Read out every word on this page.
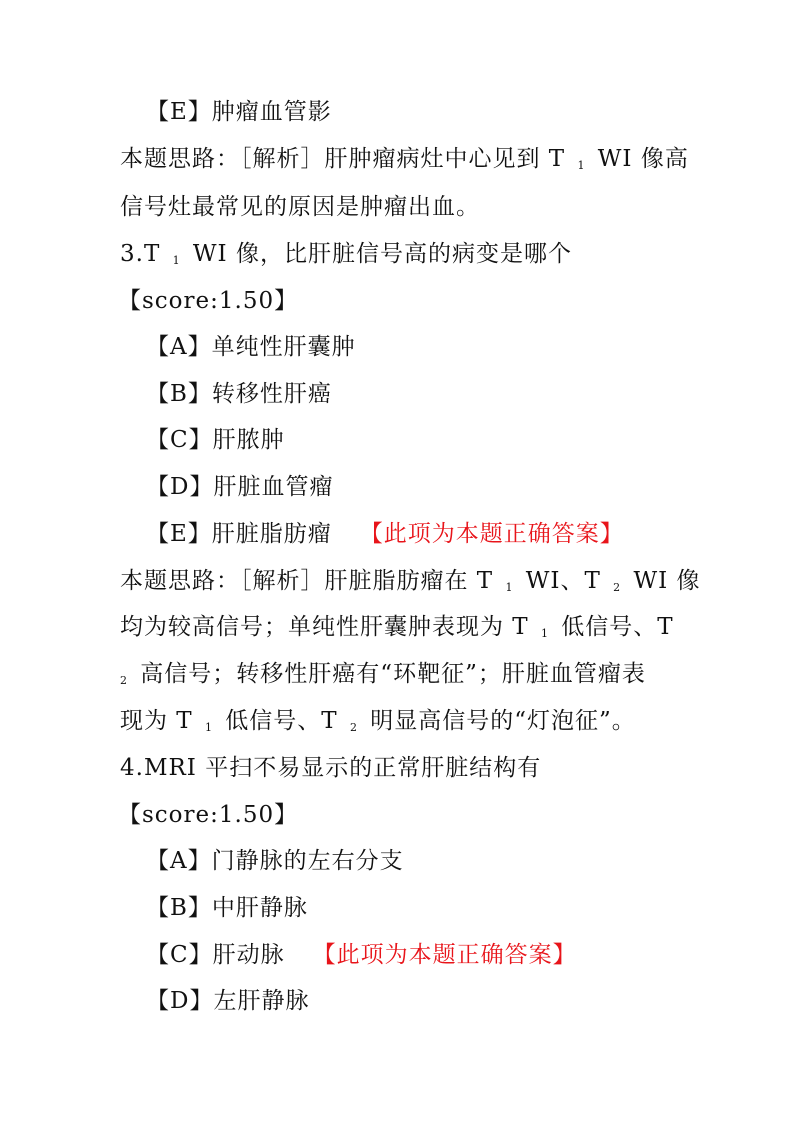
【E】肿瘤血管影
本题思路：［解析］肝肿瘤病灶中心见到 T $_1$ WI 像高
信号灶最常见的原因是肿瘤出血。
3.T $_1$ WI 像，比肝脏信号高的病变是哪个
【score:1.50】
【A】单纯性肝囊肿
【B】转移性肝癌
【C】肝脓肿
【D】肝脏血管瘤
【E】肝脏脂肪瘤 【此项为本题正确答案】
本题思路：［解析］肝脏脂肪瘤在 T $_1$ WI、T $_2$ WI 像
均为较高信号；单纯性肝囊肿表现为 T $_1$ 低信号、T
$_2$ 高信号；转移性肝癌有“环靶征”；肝脏血管瘤表
现为 T $_1$ 低信号、T $_2$ 明显高信号的“灯泡征”。
4.MRI 平扫不易显示的正常肝脏结构有
【score:1.50】
【A】门静脉的左右分支
【B】中肝静脉
【C】肝动脉 【此项为本题正确答案】
【D】左肝静脉
